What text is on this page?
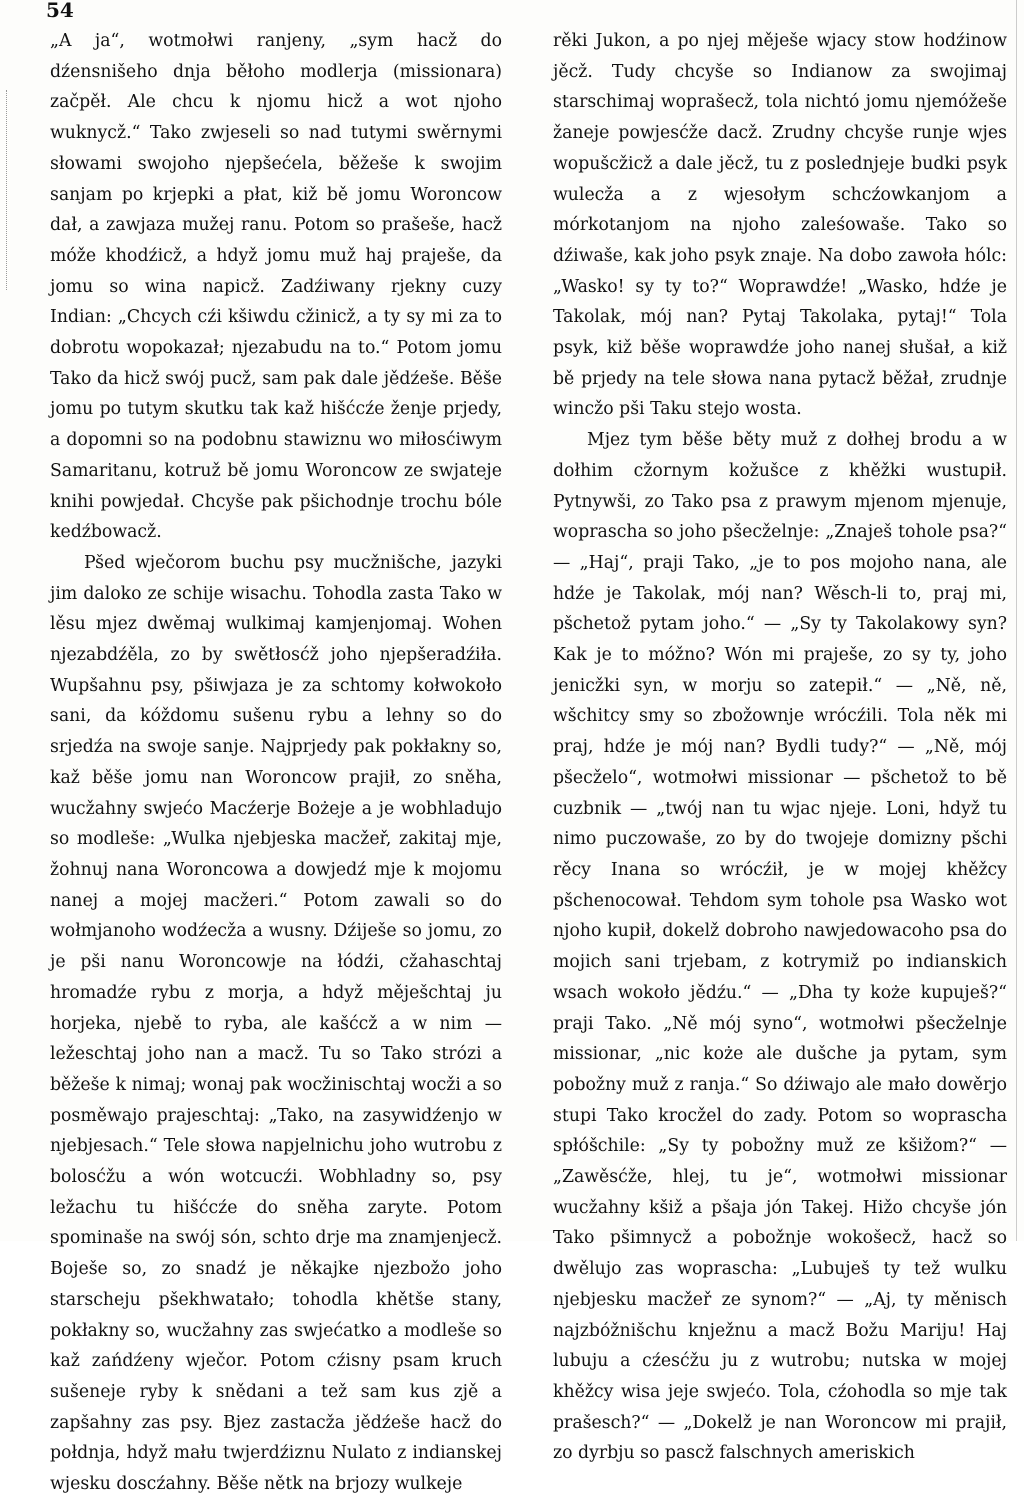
54

„A ja“, wotmołwi ranjeny, „sym hacž do dźensnišeho dnja běłoho modlerja (missionara) začpěł. Ale chcu k njomu hicž a wot njoho wuknycž.“ Tako zwjeseli so nad tutymi swěrnymi słowami swojoho njepšećela, běžeše k swojim sanjam po krjepki a płat, kiž bě jomu Woroncow dał, a zawjaza mužej ranu. Potom so prašeše, hacž móže khodźicž, a hdyž jomu muž haj praješe, da jomu so wina napicž. Zadźiwany rjekny cuzy Indian: „Chcych cźi kšiwdu cžinicž, a ty sy mi za to dobrotu wopokazał; njezabudu na to.“ Potom jomu Tako da hicž swój pucž, sam pak dale jědźeše. Běše jomu po tutym skutku tak kaž hišćcźe ženje prjedy, a dopomni so na podobnu stawiznu wo miłosćiwym Samaritanu, kotruž bě jomu Woroncow ze swjateje knihi powjedał. Chcyše pak pšichodnje trochu bóle kedźbowacž.

Pšed wječorom buchu psy mucžnišche, jazyki jim daloko ze schije wisachu. Tohodla zasta Tako w lěsu mjez dwěmaj wulkimaj kamjenjomaj. Wohen njezabdźěla, zo by swětłosćž joho njepšeradźiła. Wupšahnu psy, pšiwjaza je za schtomy kołwokoło sani, da kóždomu sušenu rybu a lehny so do srjedźa na swoje sanje. Najprjedy pak pokłakny so, kaž běše jomu nan Woroncow prajił, zo sněha, wucžahny swjećo Macźerje Bożeje a je wobhladujo so modleše: „Wulka njebjeska macžeř, zakitaj mje, žohnuj nana Woroncowa a dowjedź mje k mojomu nanej a mojej macžeri.“ Potom zawali so do wołmjanoho wodźecža a wusny. Dźiješe so jomu, zo je pši nanu Woroncowje na łódźi, cžahaschtaj hromadźe rybu z morja, a hdyž měješchtaj ju horjeka, njebě to ryba, ale kašćcž a w nim — ležeschtaj joho nan a macž. Tu so Tako strózi a běžeše k nimaj; wonaj pak wocžinischtaj wocži a so posměwajo prajeschtaj: „Tako, na zasywidźenjo w njebjesach.“ Tele słowa napjelnichu joho wutrobu z bolosćžu a wón wotcucźi. Wobhladny so, psy ležachu tu hišćcźe do sněha zaryte. Potom spominaše na swój són, schto drje ma znamjenjecž. Boješe so, zo snadź je někajke njezbožo joho starscheju pšekhwatało; tohodla khětše stany, pokłakny so, wucžahny zas swjećatko a modleše so kaž zańdźeny wječor. Potom cźisny psam kruch sušeneje ryby k snědani a tež sam kus zjě a zapšahny zas psy. Bjez zastacža jědźeše hacž do połdnja, hdyž mału twjerdźiznu Nulato z indianskej wjesku doscźahny. Běše nětk na brjozy wulkeje

rěki Jukon, a po njej měješe wjacy stow hodźinow jěcž. Tudy chcyše so Indianow za swojimaj starschimaj woprašecž, tola nichtó jomu njemóžeše žaneje powjesćže dacž. Zrudny chcyše runje wjes wopušcžicž a dale jěcž, tu z poslednjeje budki psyk wulecža a z wjesołym schcźowkanjom a mórkotanjom na njoho zaleśowaše. Tako so dźiwaše, kak joho psyk znaje. Na dobo zawoła hólc: „Wasko! sy ty to?“ Woprawdźe! „Wasko, hdźe je Takolak, mój nan? Pytaj Takolaka, pytaj!“ Tola psyk, kiž běše woprawdźe joho nanej słušał, a kiž bě prjedy na tele słowa nana pytacž běžał, zrudnje wincžo pši Taku stejo wosta.

Mjez tym běše běty muž z dołhej brodu a w dołhim cžornym kožušce z khěžki wustupił. Pytnywši, zo Tako psa z prawym mjenom mjenuje, woprascha so joho pšecželnje: „Znaješ tohole psa?“ — „Haj“, praji Tako, „je to pos mojoho nana, ale hdźe je Takolak, mój nan? Wěsch-li to, praj mi, pšchetož pytam joho.“ — „Sy ty Takolakowy syn? Kak je to móžno? Wón mi praješe, zo sy ty, joho jenicžki syn, w morju so zatepił.“ — „Ně, ně, wšchitcy smy so zbožownje wrócźili. Tola něk mi praj, hdźe je mój nan? Bydli tudy?“ — „Ně, mój pšecželo“, wotmołwi missionar — pšchetož to bě cuzbnik — „twój nan tu wjac njeje. Loni, hdyž tu nimo puczowaše, zo by do twojeje domizny pšchi rěcy Inana so wrócźił, je w mojej khěžcy pšchenocował. Tehdom sym tohole psa Wasko wot njoho kupił, dokelž dobroho nawjedowacoho psa do mojich sani trjebam, z kotrymiž po indianskich wsach wokoło jědźu.“ — „Dha ty koże kupuješ?“ praji Tako. „Ně mój syno“, wotmołwi pšecželnje missionar, „nic koże ale dušche ja pytam, sym pobožny muž z ranja.“ So dźiwajo ale mało dowěrjo stupi Tako krocžel do zady. Potom so woprascha spłóšchile: „Sy ty pobožny muž ze kšižom?“ — „Zawěsćže, hlej, tu je“, wotmołwi missionar wucžahny kšiž a pšaja jón Takej. Hižo chcyše jón Tako pšimnycž a pobožnje wokošecž, hacž so dwělujo zas woprascha: „Lubuješ ty tež wulku njebjesku macžeř ze synom?“ — „Aj, ty měnisch najzbóžnišchu knježnu a macž Božu Mariju! Haj lubuju a cźesćžu ju z wutrobu; nutska w mojej khěžcy wisa jeje swjećo. Tola, cźohodla so mje tak prašesch?“ — „Dokelž je nan Woroncow mi prajił, zo dyrbju so pascž falschnych ameriskich
